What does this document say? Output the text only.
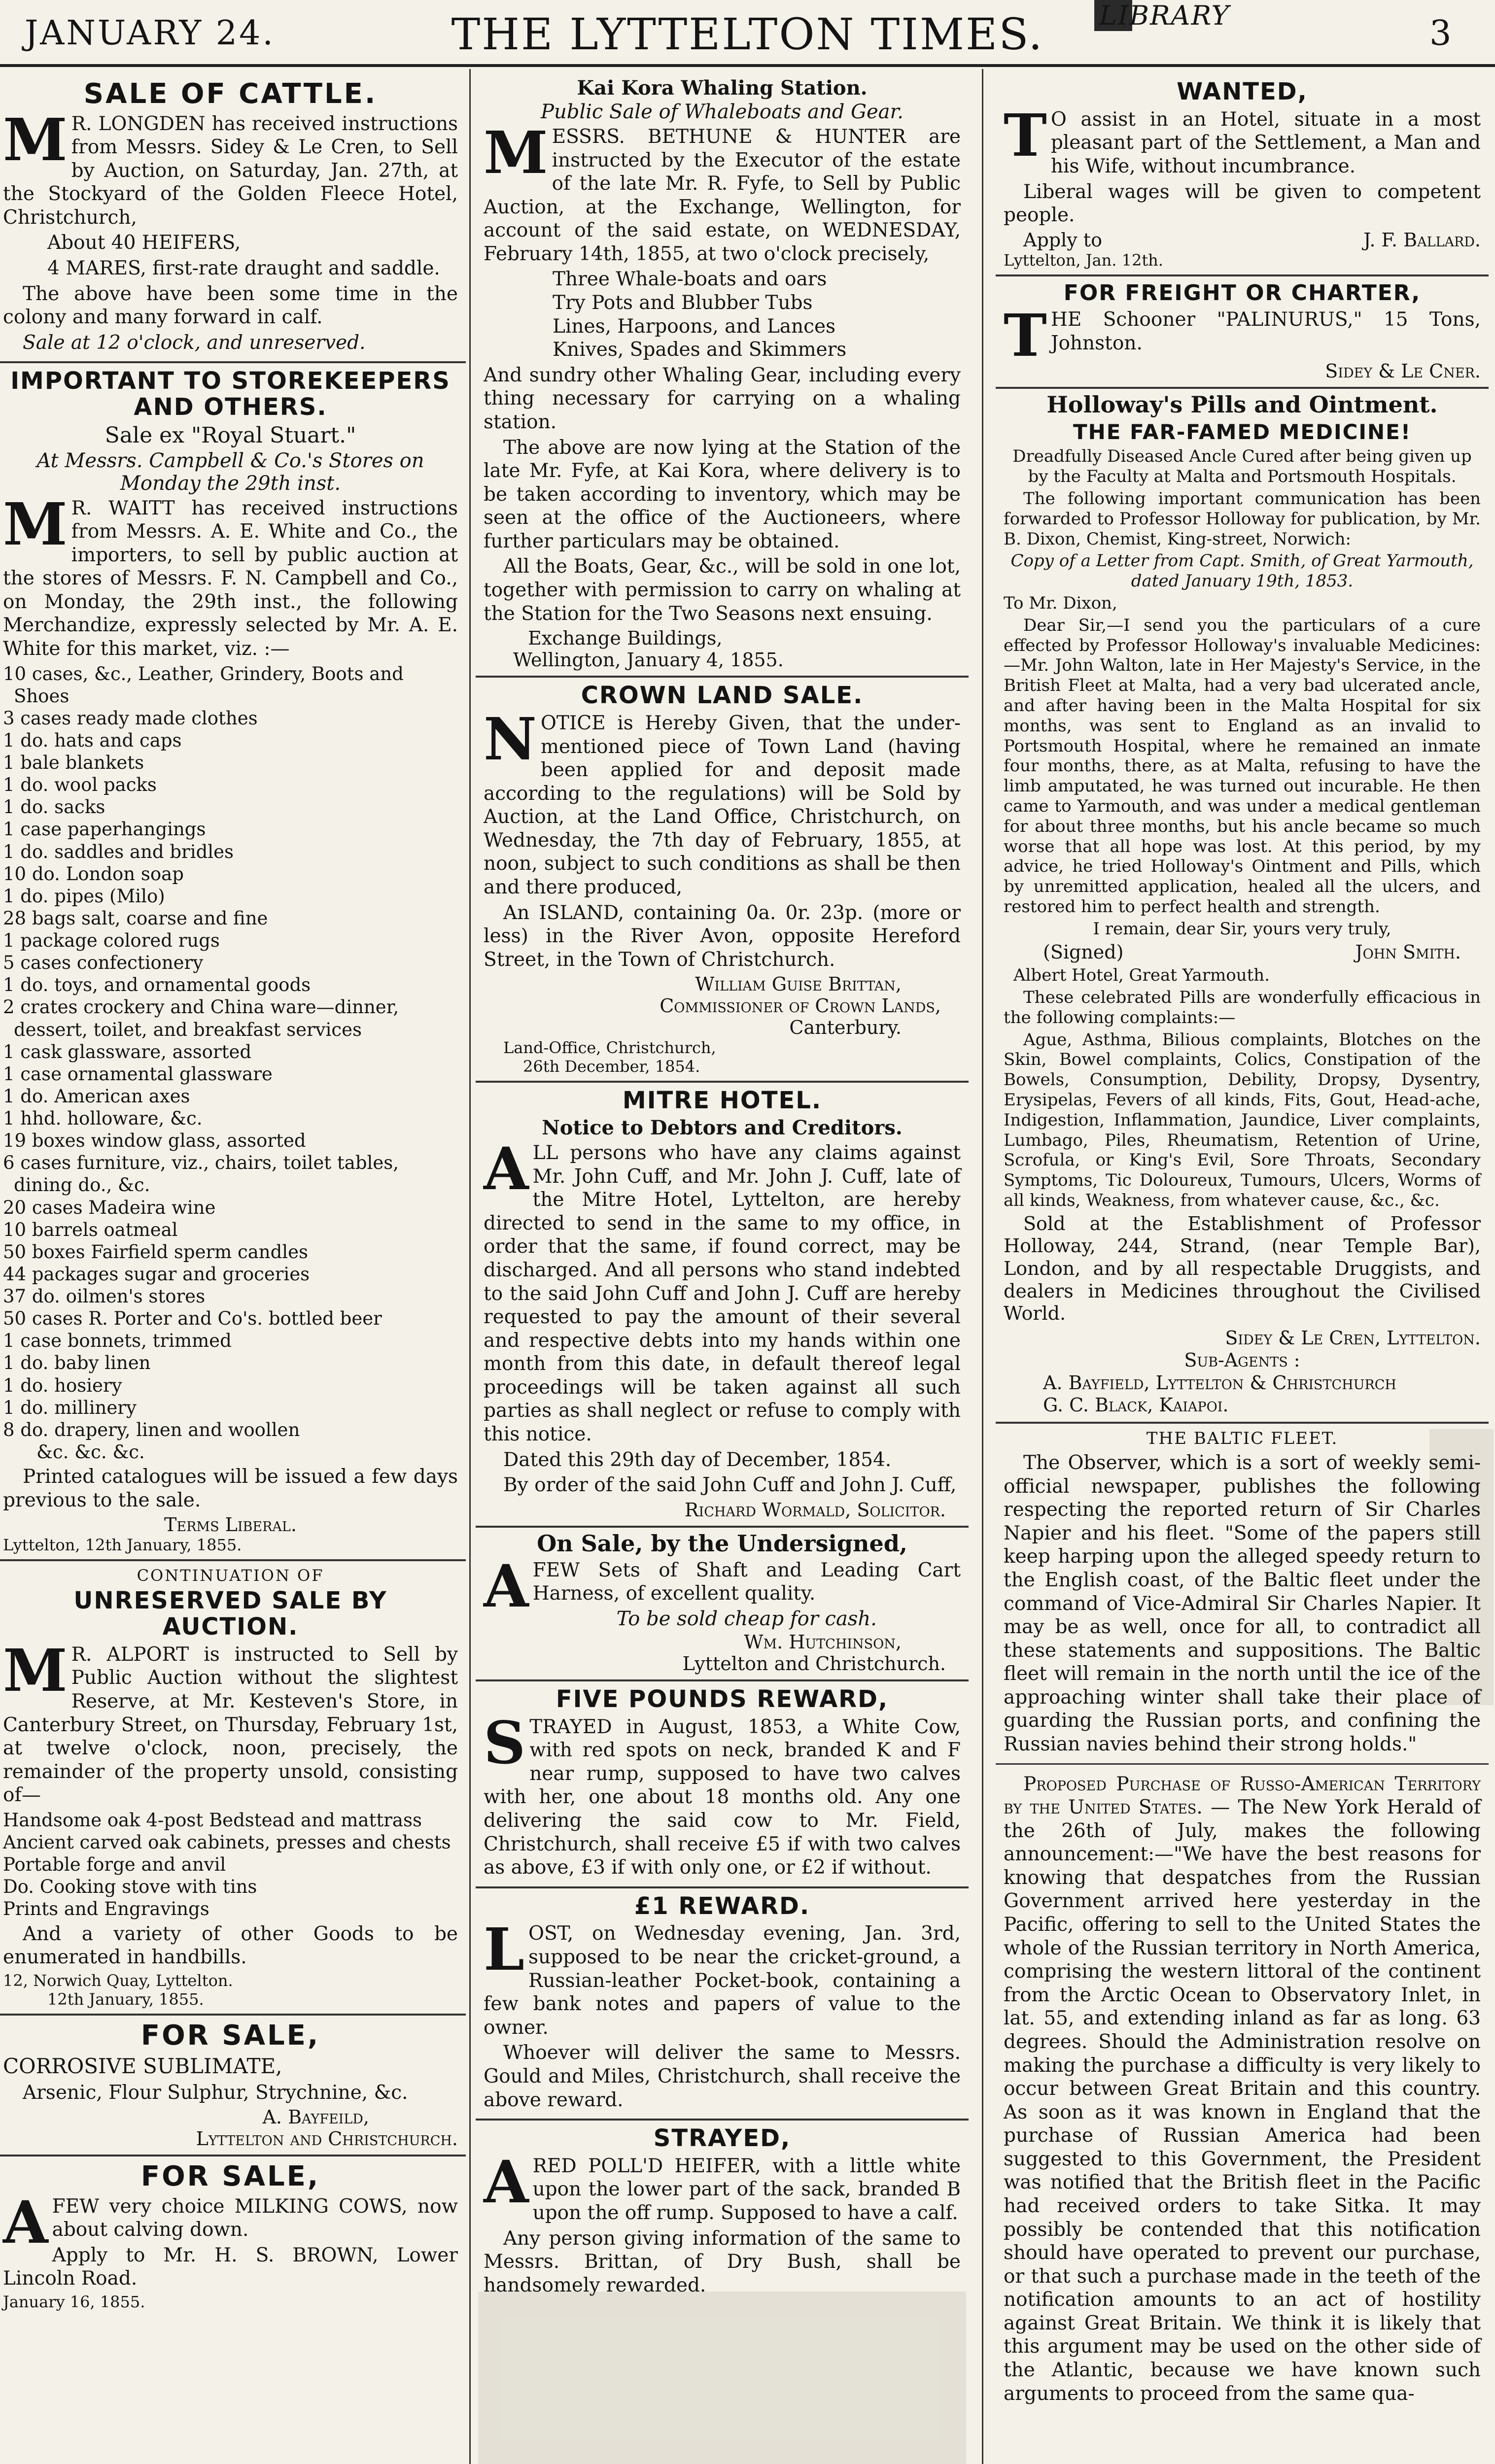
JANUARY 24.	THE LYTTELTON TIMES.	LIBRARY	3
SALE OF CATTLE.

M R. LONGDEN has received instructions from Messrs. Sidey & Le Cren, to Sell by Auction, on Saturday, Jan. 27th, at the Stockyard of the Golden Fleece Hotel, Christchurch,

About 40 HEIFERS,

4 MARES, first-rate draught and saddle.

The above have been some time in the colony and many forward in calf.

Sale at 12 o'clock, and unreserved.

IMPORTANT TO STOREKEEPERS AND OTHERS.
Sale ex "Royal Stuart."
At Messrs. Campbell & Co.'s Stores on Monday the 29th inst.

M R. WAITT has received instructions from Messrs. A. E. White and Co., the importers, to sell by public auction at the stores of Messrs. F. N. Campbell and Co., on Monday, the 29th inst., the following Merchandize, expressly selected by Mr. A. E. White for this market, viz. :—

10 cases, &c., Leather, Grindery, Boots and Shoes
3 cases ready made clothes
1 do. hats and caps
1 bale blankets
1 do. wool packs
1 do. sacks
1 case paperhangings
1 do. saddles and bridles
10 do. London soap
1 do. pipes (Milo)
28 bags salt, coarse and fine
1 package colored rugs
5 cases confectionery
1 do. toys, and ornamental goods
2 crates crockery and China ware—dinner, dessert, toilet, and breakfast services
1 cask glassware, assorted
1 case ornamental glassware
1 do. American axes
1 hhd. holloware, &c.
19 boxes window glass, assorted
6 cases furniture, viz., chairs, toilet tables, dining do., &c.
20 cases Madeira wine
10 barrels oatmeal
50 boxes Fairfield sperm candles
44 packages sugar and groceries
37 do. oilmen's stores
50 cases R. Porter and Co's. bottled beer
1 case bonnets, trimmed
1 do. baby linen
1 do. hosiery
1 do. millinery
8 do. drapery, linen and woollen
&c. &c. &c.

Printed catalogues will be issued a few days previous to the sale.

Terms Liberal.
Lyttelton, 12th January, 1855.
CONTINUATION OF
UNRESERVED SALE BY AUCTION.

M R. ALPORT is instructed to Sell by Public Auction without the slightest Reserve, at Mr. Kesteven's Store, in Canterbury Street, on Thursday, February 1st, at twelve o'clock, noon, precisely, the remainder of the property unsold, consisting of—

Handsome oak 4-post Bedstead and mattrass
Ancient carved oak cabinets, presses and chests
Portable forge and anvil
Do. Cooking stove with tins
Prints and Engravings

And a variety of other Goods to be enumerated in handbills.

12, Norwich Quay, Lyttelton.
12th January, 1855.
FOR SALE,

CORROSIVE SUBLIMATE,

Arsenic, Flour Sulphur, Strychnine, &c.

A. Bayfeild,
Lyttelton and Christchurch.
FOR SALE,

AFEW very choice MILKING COWS, now about calving down.

Apply to Mr. H. S. BROWN, Lower Lincoln Road.

January 16, 1855.
Kai Kora Whaling Station.
Public Sale of Whaleboats and Gear.

MESSRS. BETHUNE & HUNTER are instructed by the Executor of the estate of the late Mr. R. Fyfe, to Sell by Public Auction, at the Exchange, Wellington, for account of the said estate, on WEDNESDAY, February 14th, 1855, at two o'clock precisely,

Three Whale-boats and oars
Try Pots and Blubber Tubs
Lines, Harpoons, and Lances
Knives, Spades and Skimmers

And sundry other Whaling Gear, including every thing necessary for carrying on a whaling station.

The above are now lying at the Station of the late Mr. Fyfe, at Kai Kora, where delivery is to be taken according to inventory, which may be seen at the office of the Auctioneers, where further particulars may be obtained.

All the Boats, Gear, &c., will be sold in one lot, together with permission to carry on whaling at the Station for the Two Seasons next ensuing.

Exchange Buildings,
Wellington, January 4, 1855.
CROWN LAND SALE.

NOTICE is Hereby Given, that the under-mentioned piece of Town Land (having been applied for and deposit made according to the regulations) will be Sold by Auction, at the Land Office, Christchurch, on Wednesday, the 7th day of February, 1855, at noon, subject to such conditions as shall be then and there produced,

An ISLAND, containing 0a. 0r. 23p. (more or less) in the River Avon, opposite Hereford Street, in the Town of Christchurch.

William Guise Brittan,
Commissioner of Crown Lands,
Canterbury.
Land-Office, Christchurch,
26th December, 1854.
MITRE HOTEL.
Notice to Debtors and Creditors.

ALL persons who have any claims against Mr. John Cuff, and Mr. John J. Cuff, late of the Mitre Hotel, Lyttelton, are hereby directed to send in the same to my office, in order that the same, if found correct, may be discharged. And all persons who stand indebted to the said John Cuff and John J. Cuff are hereby requested to pay the amount of their several and respective debts into my hands within one month from this date, in default thereof legal proceedings will be taken against all such parties as shall neglect or refuse to comply with this notice.

Dated this 29th day of December, 1854.

By order of the said John Cuff and John J. Cuff,

Richard Wormald, Solicitor.
On Sale, by the Undersigned,

AFEW Sets of Shaft and Leading Cart Harness, of excellent quality.

To be sold cheap for cash.
Wm. Hutchinson,
Lyttelton and Christchurch.
FIVE POUNDS REWARD,

STRAYED in August, 1853, a White Cow, with red spots on neck, branded K and F near rump, supposed to have two calves with her, one about 18 months old. Any one delivering the said cow to Mr. Field, Christchurch, shall receive £5 if with two calves as above, £3 if with only one, or £2 if without.

£1 REWARD.

LOST, on Wednesday evening, Jan. 3rd, supposed to be near the cricket-ground, a Russian-leather Pocket-book, containing a few bank notes and papers of value to the owner.

Whoever will deliver the same to Messrs. Gould and Miles, Christchurch, shall receive the above reward.

STRAYED,

ARED POLL'D HEIFER, with a little white upon the lower part of the sack, branded B upon the off rump. Supposed to have a calf.

Any person giving information of the same to Messrs. Brittan, of Dry Bush, shall be handsomely rewarded.

WANTED,

T O assist in an Hotel, situate in a most pleasant part of the Settlement, a Man and his Wife, without incumbrance.

Liberal wages will be given to competent people.

Apply to	J. F. Ballard.
Lyttelton, Jan. 12th.
FOR FREIGHT OR CHARTER,

THE Schooner "PALINURUS," 15 Tons, Johnston.

Sidey & Le Cner.
Holloway's Pills and Ointment.
THE FAR-FAMED MEDICINE!

Dreadfully Diseased Ancle Cured after being given up by the Faculty at Malta and Portsmouth Hospitals.

The following important communication has been forwarded to Professor Holloway for publication, by Mr. B. Dixon, Chemist, King-street, Norwich:

Copy of a Letter from Capt. Smith, of Great Yarmouth, dated January 19th, 1853.

To Mr. Dixon,

Dear Sir,—I send you the particulars of a cure effected by Professor Holloway's invaluable Medicines:—Mr. John Walton, late in Her Majesty's Service, in the British Fleet at Malta, had a very bad ulcerated ancle, and after having been in the Malta Hospital for six months, was sent to England as an invalid to Portsmouth Hospital, where he remained an inmate four months, there, as at Malta, refusing to have the limb amputated, he was turned out incurable. He then came to Yarmouth, and was under a medical gentleman for about three months, but his ancle became so much worse that all hope was lost. At this period, by my advice, he tried Holloway's Ointment and Pills, which by unremitted application, healed all the ulcers, and restored him to perfect health and strength.

I remain, dear Sir, yours very truly,

(Signed)	John Smith.

Albert Hotel, Great Yarmouth.

These celebrated Pills are wonderfully efficacious in the following complaints:—

Ague, Asthma, Bilious complaints, Blotches on the Skin, Bowel complaints, Colics, Constipation of the Bowels, Consumption, Debility, Dropsy, Dysentry, Erysipelas, Fevers of all kinds, Fits, Gout, Head-ache, Indigestion, Inflammation, Jaundice, Liver complaints, Lumbago, Piles, Rheumatism, Retention of Urine, Scrofula, or King's Evil, Sore Throats, Secondary Symptoms, Tic Doloureux, Tumours, Ulcers, Worms of all kinds, Weakness, from whatever cause, &c., &c.

Sold at the Establishment of Professor Holloway, 244, Strand, (near Temple Bar), London, and by all respectable Druggists, and dealers in Medicines throughout the Civilised World.

Sidey & Le Cren, Lyttelton.
Sub-Agents :
A. Bayfield, Lyttelton & Christchurch
G. C. Black, Kaiapoi.
THE BALTIC FLEET.

The Observer, which is a sort of weekly semi-official newspaper, publishes the following respecting the reported return of Sir Charles Napier and his fleet. "Some of the papers still keep harping upon the alleged speedy return to the English coast, of the Baltic fleet under the command of Vice-Admiral Sir Charles Napier. It may be as well, once for all, to contradict all these statements and suppositions. The Baltic fleet will remain in the north until the ice of the approaching winter shall take their place of guarding the Russian ports, and confining the Russian navies behind their strong holds."

Proposed Purchase of Russo-American Territory by the United States. — The New York Herald of the 26th of July, makes the following announcement:—"We have the best reasons for knowing that despatches from the Russian Government arrived here yesterday in the Pacific, offering to sell to the United States the whole of the Russian territory in North America, comprising the western littoral of the continent from the Arctic Ocean to Observatory Inlet, in lat. 55, and extending inland as far as long. 63 degrees. Should the Administration resolve on making the purchase a difficulty is very likely to occur between Great Britain and this country. As soon as it was known in England that the purchase of Russian America had been suggested to this Government, the President was notified that the British fleet in the Pacific had received orders to take Sitka. It may possibly be contended that this notification should have operated to prevent our purchase, or that such a purchase made in the teeth of the notification amounts to an act of hostility against Great Britain. We think it is likely that this argument may be used on the other side of the Atlantic, because we have known such arguments to proceed from the same qua-
